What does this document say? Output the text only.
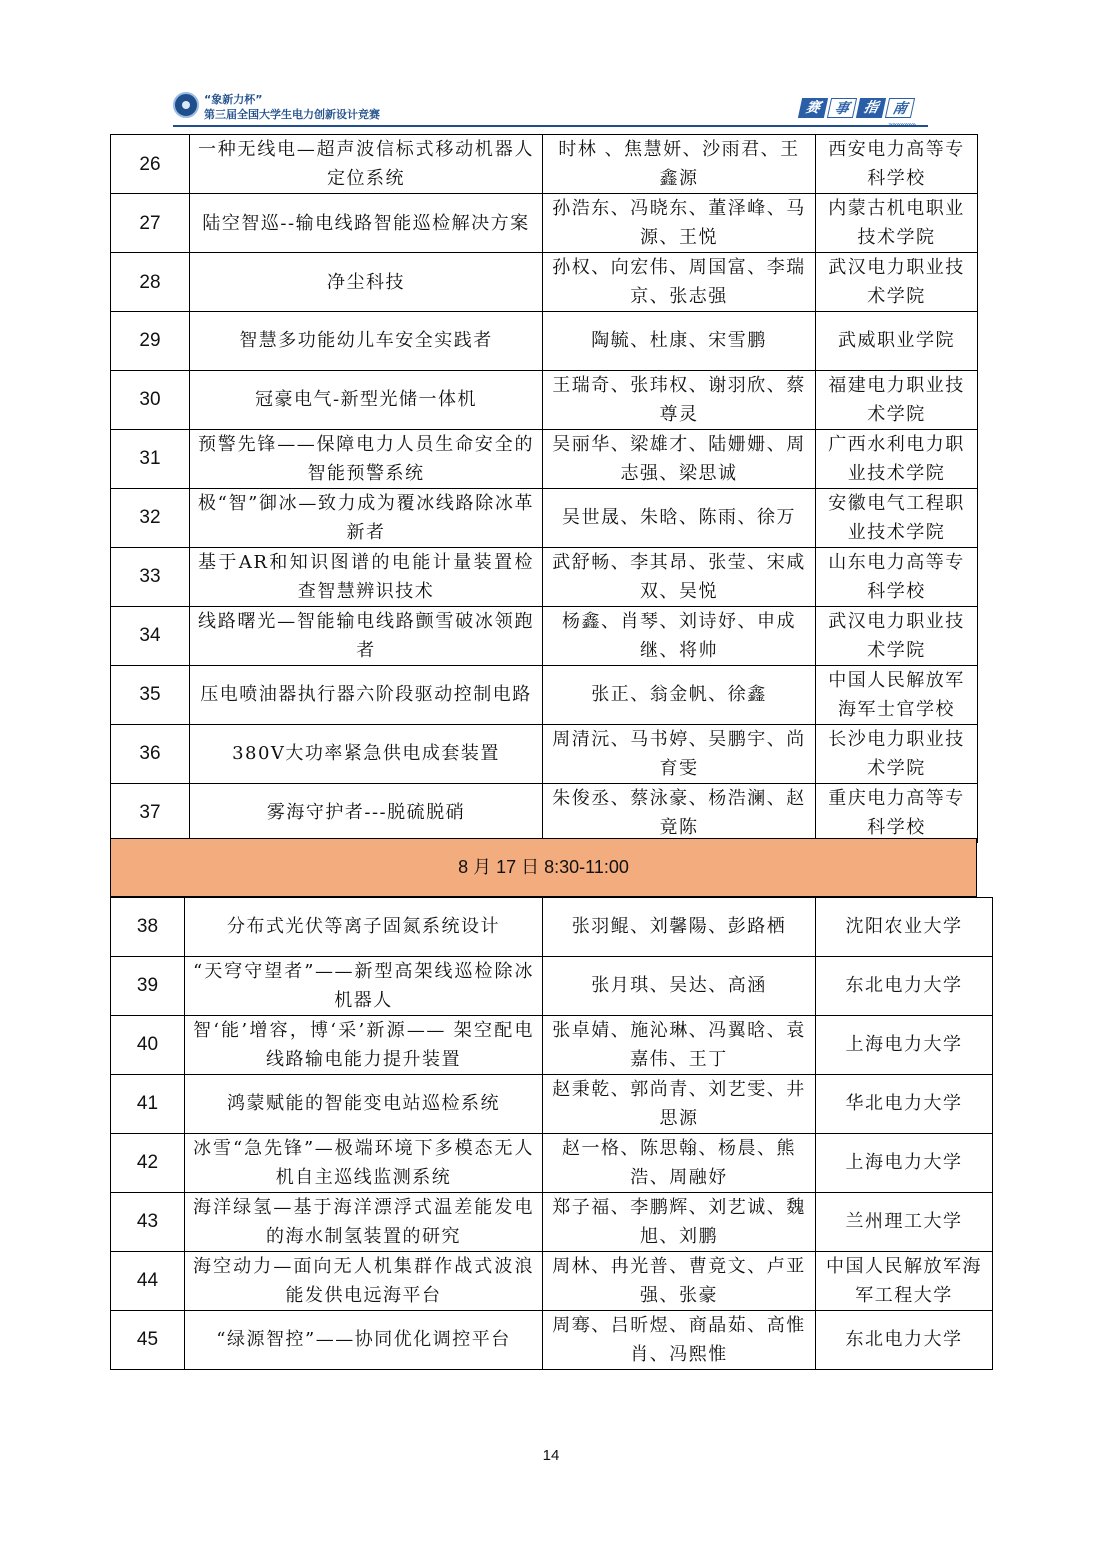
“象新力杯”
第三届全国大学生电力创新设计竞赛	赛 事 指 南
26	一种无线电—超声波信标式移动机器人定位系统	时林 、焦慧妍、沙雨君、王鑫源	西安电力高等专科学校
27	陆空智巡--输电线路智能巡检解决方案	孙浩东、冯晓东、董泽峰、马源、王悦	内蒙古机电职业技术学院
28	净尘科技	孙权、向宏伟、周国富、李瑞京、张志强	武汉电力职业技术学院
29	智慧多功能幼儿车安全实践者	陶毓、杜康、宋雪鹏	武威职业学院
30	冠豪电气-新型光储一体机	王瑞奇、张玮权、谢羽欣、蔡尊灵	福建电力职业技术学院
31	预警先锋——保障电力人员生命安全的智能预警系统	吴丽华、梁雄才、陆姗姗、周志强、梁思诚	广西水利电力职业技术学院
32	极“智”御冰—致力成为覆冰线路除冰革新者	吴世晟、朱晗、陈雨、徐万	安徽电气工程职业技术学院
33	基于AR和知识图谱的电能计量装置检查智慧辨识技术	武舒畅、李其昂、张莹、宋咸双、吴悦	山东电力高等专科学校
34	线路曙光—智能输电线路颤雪破冰领跑者	杨鑫、肖琴、刘诗妤、申成继、将帅	武汉电力职业技术学院
35	压电喷油器执行器六阶段驱动控制电路	张正、翁金帆、徐鑫	中国人民解放军海军士官学校
36	380V大功率紧急供电成套装置	周清沅、马书婷、吴鹏宇、尚育雯	长沙电力职业技术学院
37	雾海守护者---脱硫脱硝	朱俊丞、蔡泳豪、杨浩澜、赵竟陈	重庆电力高等专科学校
8 月 17 日 8:30-11:00
38	分布式光伏等离子固氮系统设计	张羽鲲、刘馨陽、彭路栖	沈阳农业大学
39	“天穹守望者”——新型高架线巡检除冰机器人	张月琪、吴达、高涵	东北电力大学
40	智‘能’增容，博‘采’新源—— 架空配电线路输电能力提升装置	张卓婧、施沁琳、冯翼晗、袁嘉伟、王丁	上海电力大学
41	鸿蒙赋能的智能变电站巡检系统	赵秉乾、郭尚青、刘艺雯、井思源	华北电力大学
42	冰雪“急先锋”—极端环境下多模态无人机自主巡线监测系统	赵一格、陈思翰、杨晨、熊浩、周融妤	上海电力大学
43	海洋绿氢—基于海洋漂浮式温差能发电的海水制氢装置的研究	郑子福、李鹏辉、刘艺诚、魏旭、刘鹏	兰州理工大学
44	海空动力—面向无人机集群作战式波浪能发供电远海平台	周林、冉光普、曹竟文、卢亚强、张豪	中国人民解放军海军工程大学
45	“绿源智控”——协同优化调控平台	周骞、吕昕煜、商晶茹、高惟肖、冯熙惟	东北电力大学
14
